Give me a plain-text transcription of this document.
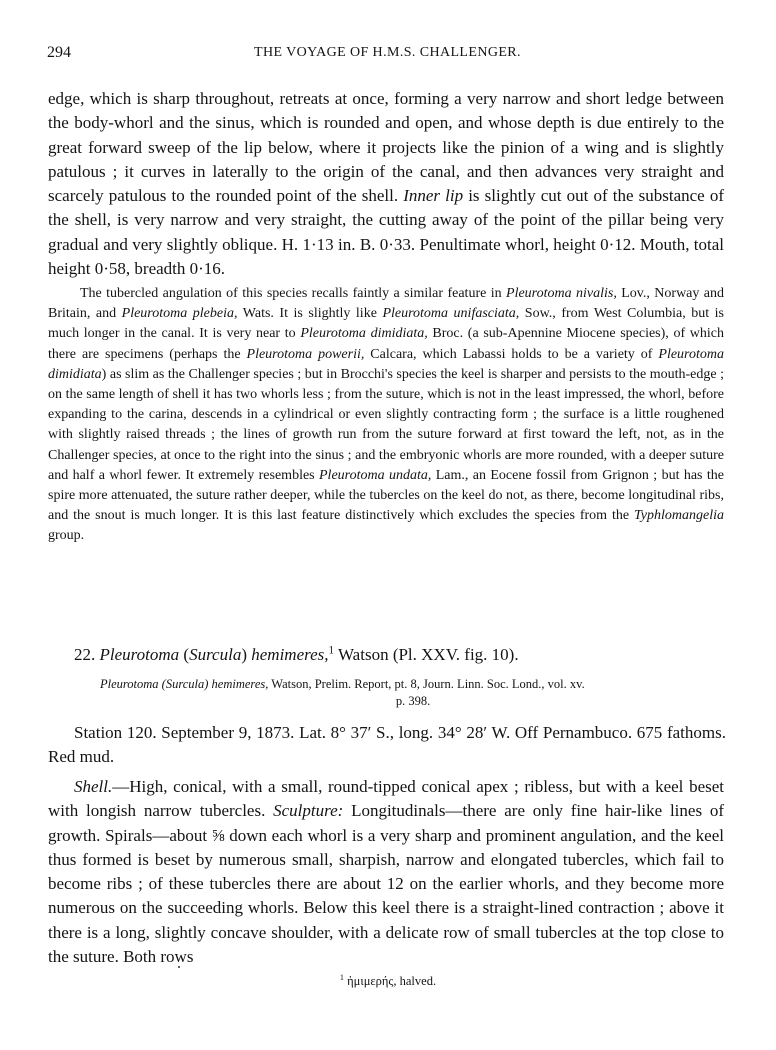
294	THE VOYAGE OF H.M.S. CHALLENGER.

edge, which is sharp throughout, retreats at once, forming a very narrow and short ledge between the body-whorl and the sinus, which is rounded and open, and whose depth is due entirely to the great forward sweep of the lip below, where it projects like the pinion of a wing and is slightly patulous ; it curves in laterally to the origin of the canal, and then advances very straight and scarcely patulous to the rounded point of the shell. Inner lip is slightly cut out of the substance of the shell, is very narrow and very straight, the cutting away of the point of the pillar being very gradual and very slightly oblique. H. 1·13 in. B. 0·33. Penultimate whorl, height 0·12. Mouth, total height 0·58, breadth 0·16.

The tubercled angulation of this species recalls faintly a similar feature in Pleurotoma nivalis, Lov., Norway and Britain, and Pleurotoma plebeia, Wats. It is slightly like Pleurotoma unifasciata, Sow., from West Columbia, but is much longer in the canal. It is very near to Pleurotoma dimidiata, Broc. (a sub-Apennine Miocene species), of which there are specimens (perhaps the Pleurotoma powerii, Calcara, which Labassi holds to be a variety of Pleurotoma dimidiata) as slim as the Challenger species ; but in Brocchi's species the keel is sharper and persists to the mouth-edge ; on the same length of shell it has two whorls less ; from the suture, which is not in the least impressed, the whorl, before expanding to the carina, descends in a cylindrical or even slightly contracting form ; the surface is a little roughened with slightly raised threads ; the lines of growth run from the suture forward at first toward the left, not, as in the Challenger species, at once to the right into the sinus ; and the embryonic whorls are more rounded, with a deeper suture and half a whorl fewer. It extremely resembles Pleurotoma undata, Lam., an Eocene fossil from Grignon ; but has the spire more attenuated, the suture rather deeper, while the tubercles on the keel do not, as there, become longitudinal ribs, and the snout is much longer. It is this last feature distinctively which excludes the species from the Typhlomangelia group.

22. Pleurotoma (Surcula) hemimeres,$^1$ Watson (Pl. XXV. fig. 10).

Pleurotoma (Surcula) hemimeres, Watson, Prelim. Report, pt. 8, Journ. Linn. Soc. Lond., vol. xv.
p. 398.

Station 120. September 9, 1873. Lat. 8° 37′ S., long. 34° 28′ W. Off Pernambuco. 675 fathoms. Red mud.

Shell.—High, conical, with a small, round-tipped conical apex ; ribless, but with a keel beset with longish narrow tubercles. Sculpture: Longitudinals—there are only fine hair-like lines of growth. Spirals—about ⅝ down each whorl is a very sharp and prominent angulation, and the keel thus formed is beset by numerous small, sharpish, narrow and elongated tubercles, which fail to become ribs ; of these tubercles there are about 12 on the earlier whorls, and they become more numerous on the succeeding whorls. Below this keel there is a straight-lined contraction ; above it there is a long, slightly concave shoulder, with a delicate row of small tubercles at the top close to the suture. Both rows

$^1$ ἡμιμερής, halved.
